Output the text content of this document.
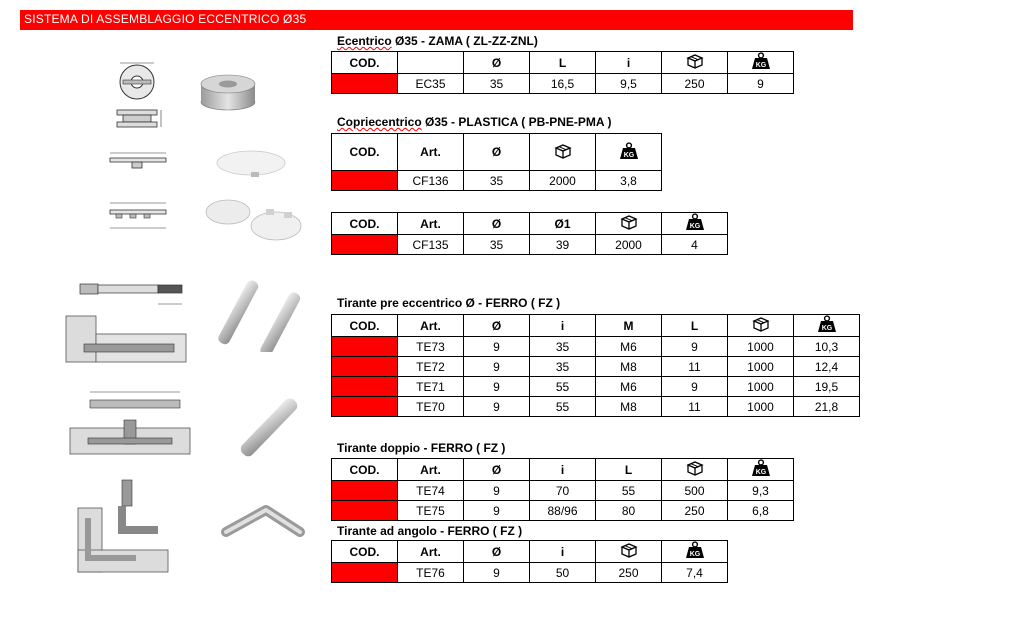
SISTEMA DI ASSEMBLAGGIO ECCENTRICO Ø35
Ecentrico Ø35 - ZAMA ( ZL-ZZ-ZNL)
COD.		Ø	L	i		KG

	EC35	35	16,5	9,5	250	9
Copriecentrico Ø35 - PLASTICA ( PB-PNE-PMA )
COD.	Art.	Ø		KG

	CF136	35	2000	3,8
COD.	Art.	Ø	Ø1		KG

	CF135	35	39	2000	4
Tirante pre eccentrico Ø - FERRO ( FZ )
COD.	Art.	Ø	i	M	L		KG

	TE73	9	35	M6	9	1000	10,3
	TE72	9	35	M8	11	1000	12,4
	TE71	9	55	M6	9	1000	19,5
	TE70	9	55	M8	11	1000	21,8
Tirante doppio - FERRO ( FZ )
COD.	Art.	Ø	i	L		KG

	TE74	9	70	55	500	9,3
	TE75	9	88/96	80	250	6,8
Tirante ad angolo - FERRO ( FZ )
COD.	Art.	Ø	i		KG

	TE76	9	50	250	7,4
